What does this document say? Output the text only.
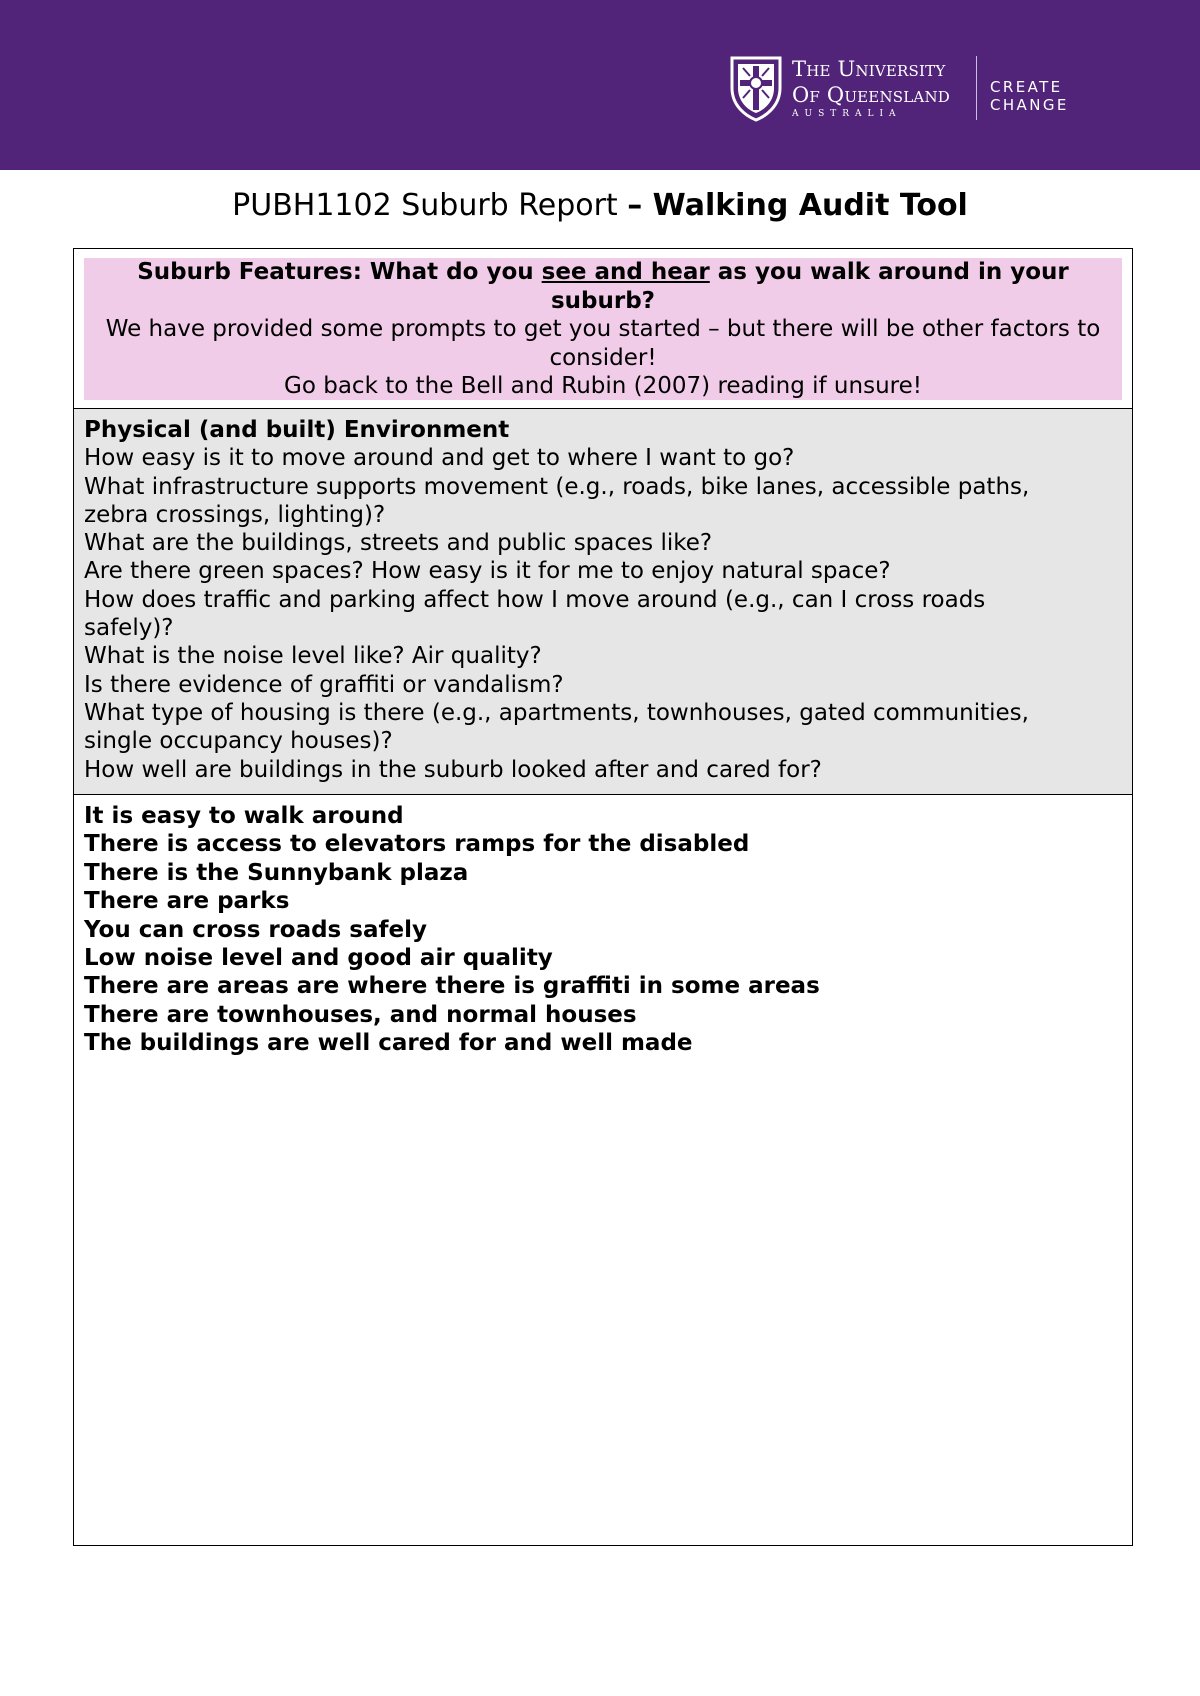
The University
Of Queensland
AUSTRALIA
CREATE CHANGE
PUBH1102 Suburb Report – Walking Audit Tool
Suburb Features: What do you see and hear as you walk around in your suburb?
We have provided some prompts to get you started – but there will be other factors to consider!
Go back to the Bell and Rubin (2007) reading if unsure!
Physical (and built) Environment
How easy is it to move around and get to where I want to go?
What infrastructure supports movement (e.g., roads, bike lanes, accessible paths, zebra crossings, lighting)?
What are the buildings, streets and public spaces like?
Are there green spaces? How easy is it for me to enjoy natural space?
How does traffic and parking affect how I move around (e.g., can I cross roads safely)?
What is the noise level like? Air quality?
Is there evidence of graffiti or vandalism?
What type of housing is there (e.g., apartments, townhouses, gated communities, single occupancy houses)?
How well are buildings in the suburb looked after and cared for?
It is easy to walk around
There is access to elevators ramps for the disabled
There is the Sunnybank plaza
There are parks
You can cross roads safely
Low noise level and good air quality
There are areas are where there is graffiti in some areas
There are townhouses, and normal houses
The buildings are well cared for and well made
